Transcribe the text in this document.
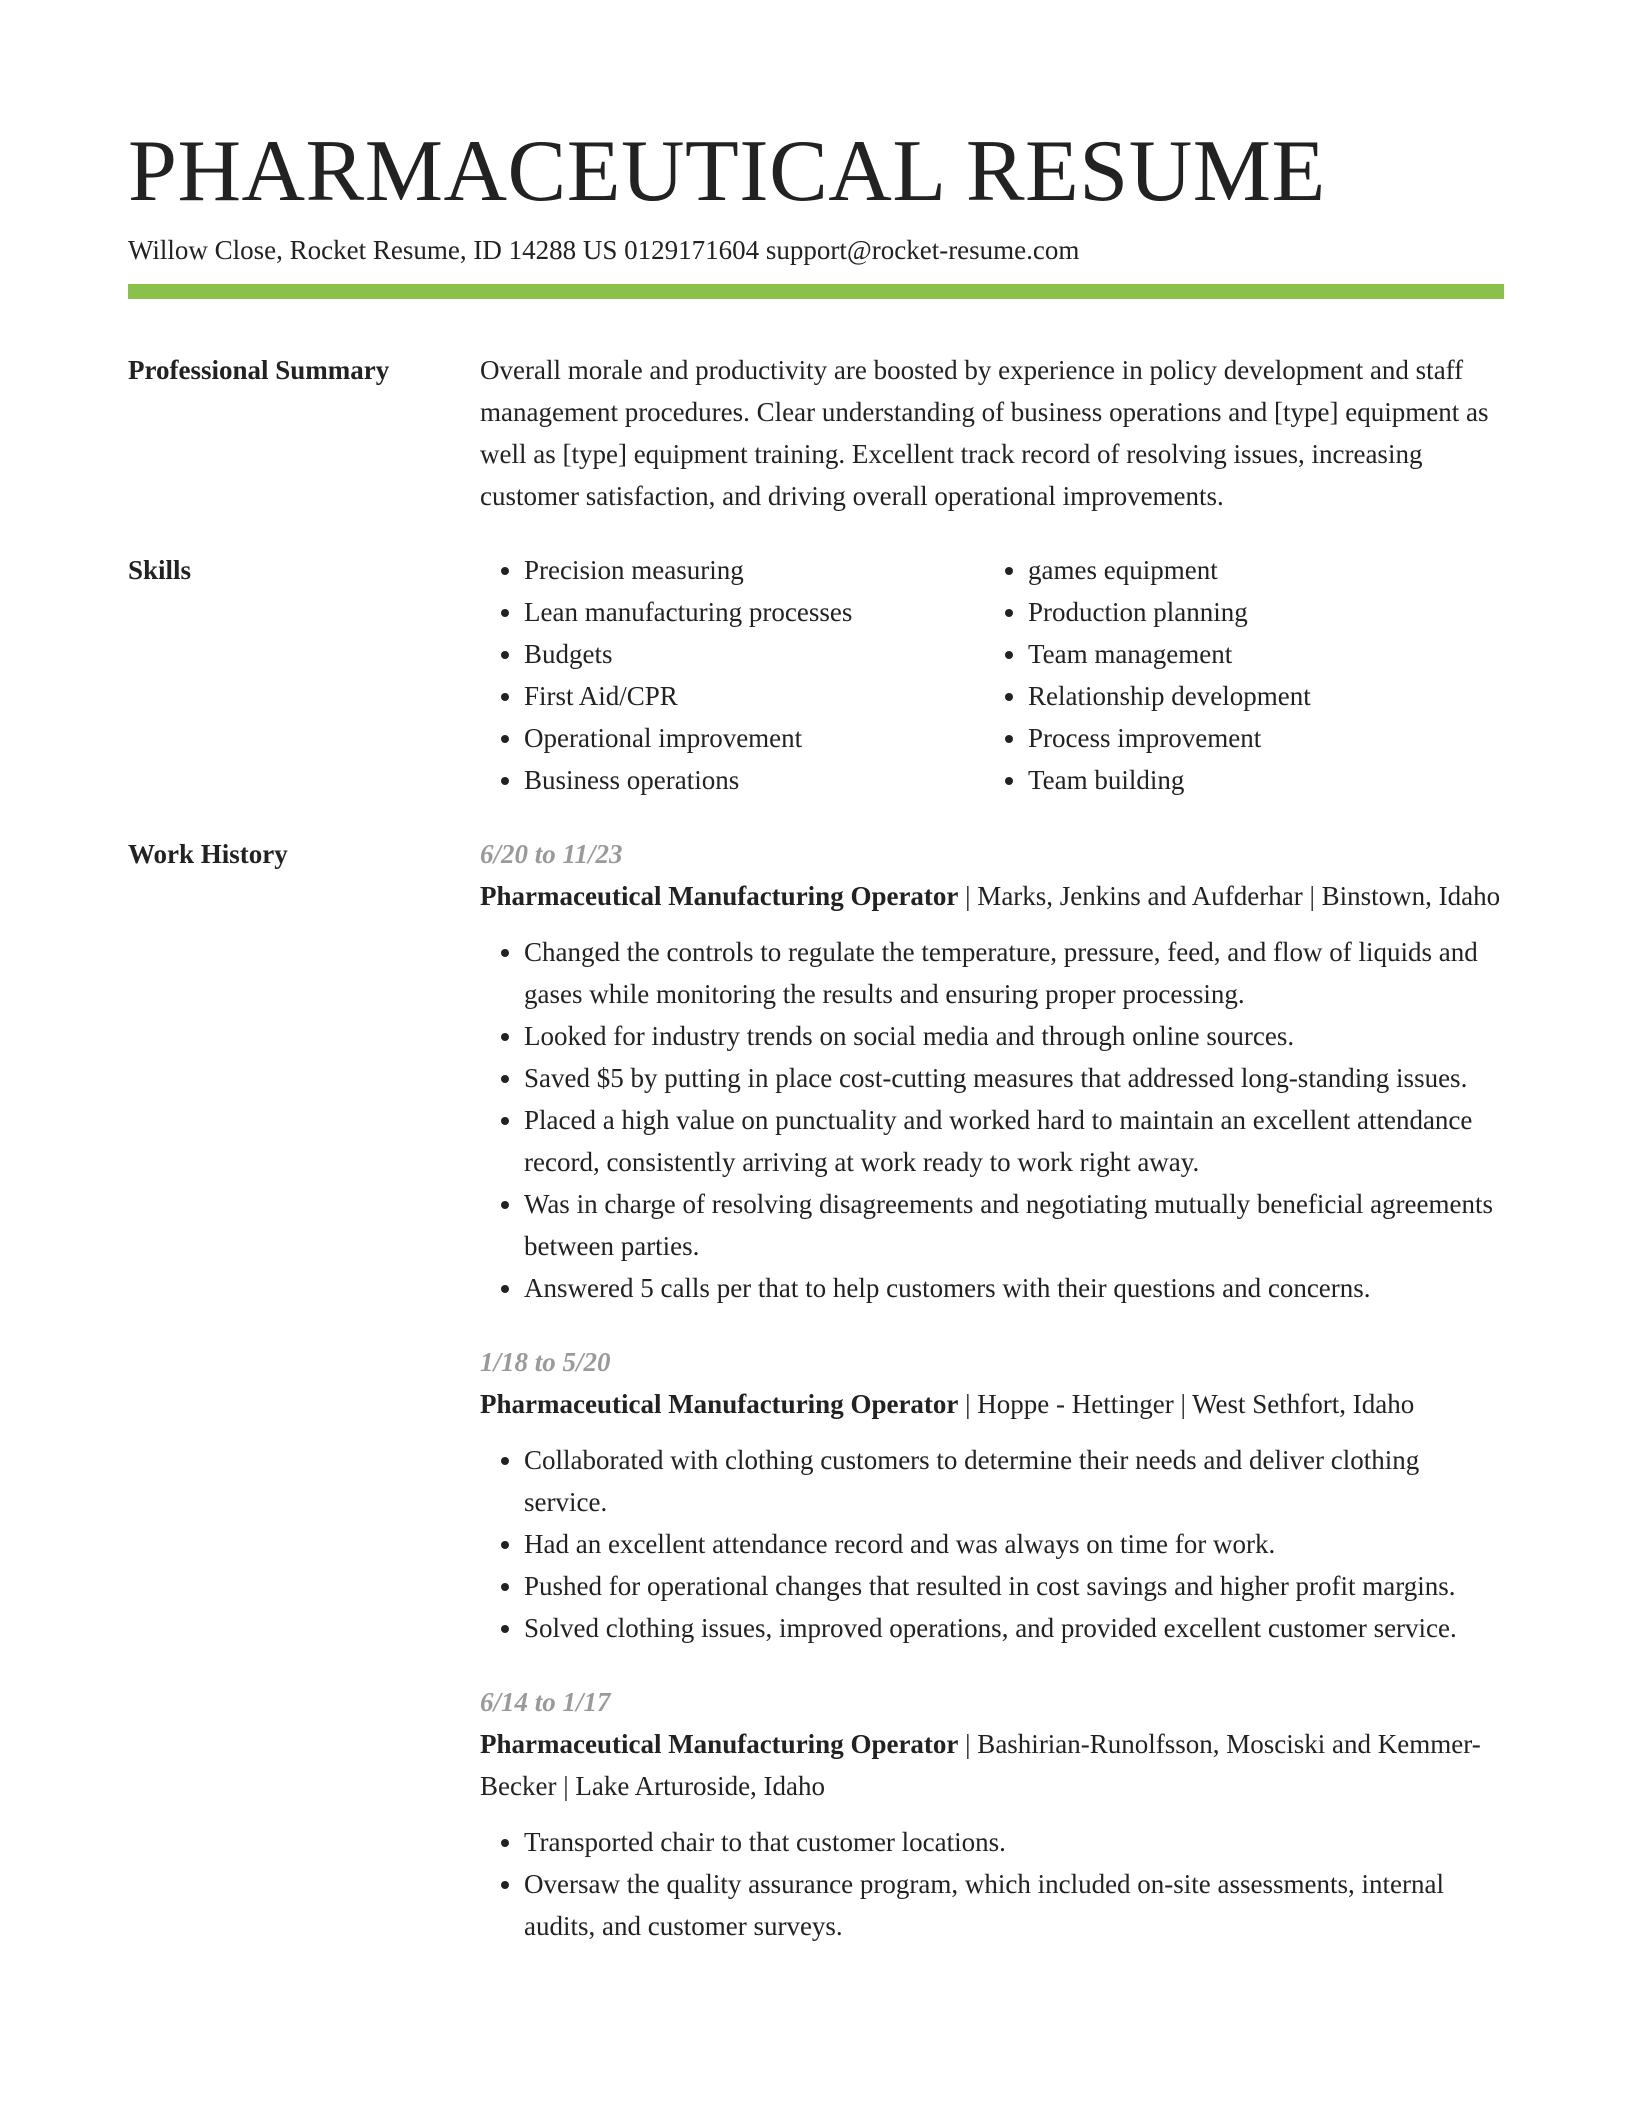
PHARMACEUTICAL RESUME
Willow Close, Rocket Resume, ID 14288 US 0129171604 support@rocket-resume.com
Professional Summary	Overall morale and productivity are boosted by experience in policy development and staff management procedures. Clear understanding of business operations and [type] equipment as well as [type] equipment training. Excellent track record of resolving issues, increasing customer satisfaction, and driving overall operational improvements.
Skills
•	Precision measuring
• Lean manufacturing processes
• Budgets
• First Aid/CPR
• Operational improvement
• Business operations
• games equipment
• Production planning
• Team management
• Relationship development
• Process improvement
• Team building
Work History	6/20 to 11/23
Pharmaceutical Manufacturing Operator | Marks, Jenkins and Aufderhar | Binstown, Idaho
• Changed the controls to regulate the temperature, pressure, feed, and flow of liquids and gases while monitoring the results and ensuring proper processing.
• Looked for industry trends on social media and through online sources.
• Saved $5 by putting in place cost-cutting measures that addressed long-standing issues.
• Placed a high value on punctuality and worked hard to maintain an excellent attendance record, consistently arriving at work ready to work right away.
• Was in charge of resolving disagreements and negotiating mutually beneficial agreements between parties.
• Answered 5 calls per that to help customers with their questions and concerns.
1/18 to 5/20
Pharmaceutical Manufacturing Operator | Hoppe - Hettinger | West Sethfort, Idaho
• Collaborated with clothing customers to determine their needs and deliver clothing service.
• Had an excellent attendance record and was always on time for work.
• Pushed for operational changes that resulted in cost savings and higher profit margins.
• Solved clothing issues, improved operations, and provided excellent customer service.
6/14 to 1/17
Pharmaceutical Manufacturing Operator | Bashirian-Runolfsson, Mosciski and Kemmer-Becker | Lake Arturoside, Idaho
• Transported chair to that customer locations.
• Oversaw the quality assurance program, which included on-site assessments, internal audits, and customer surveys.
